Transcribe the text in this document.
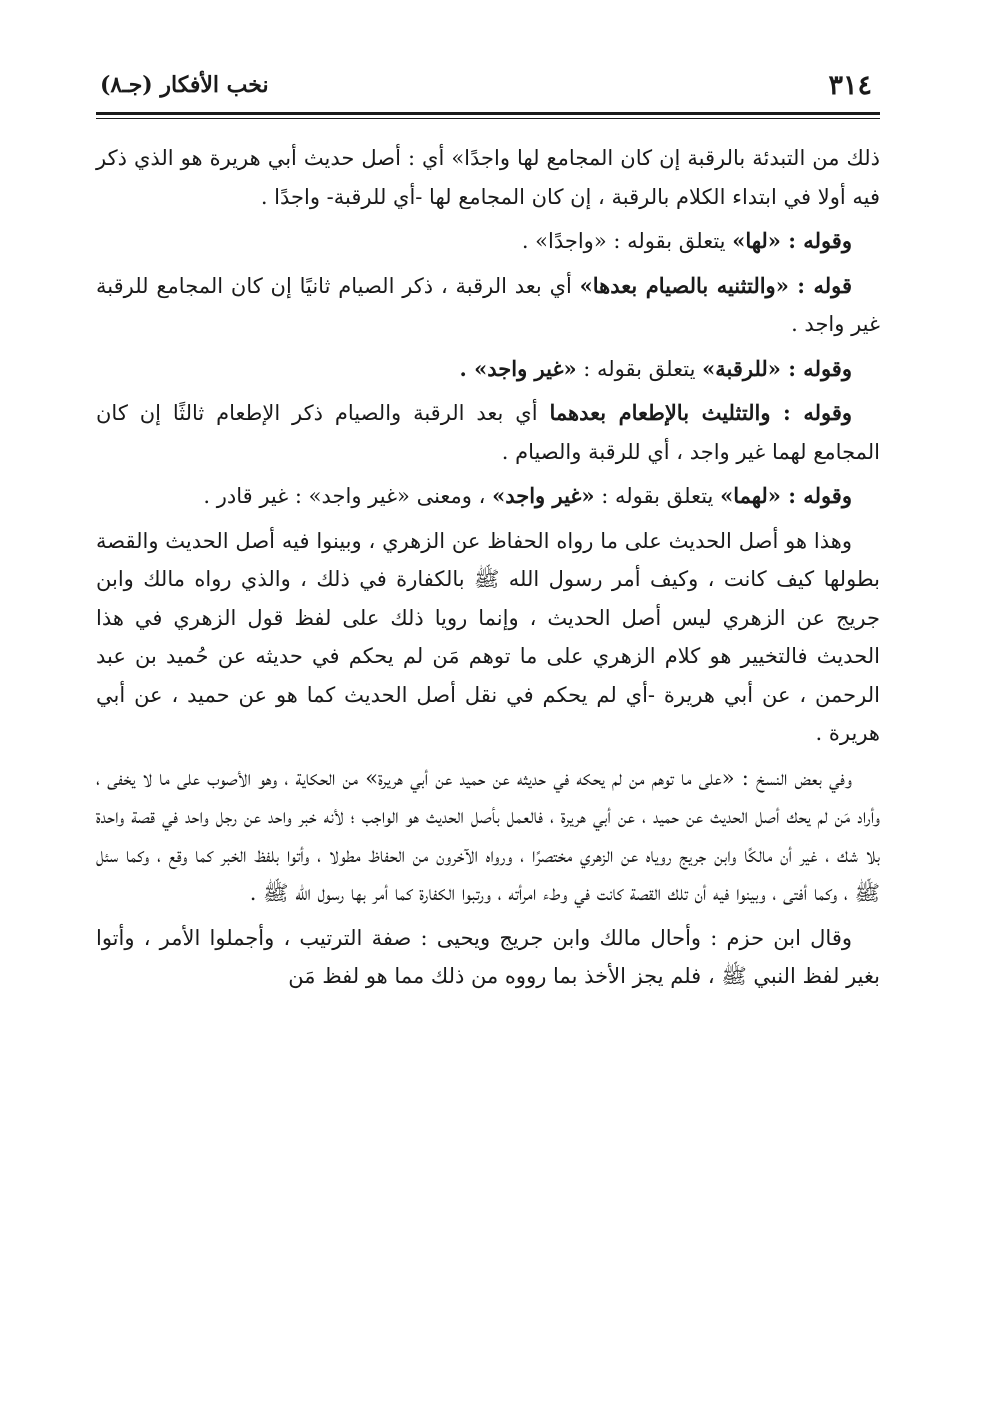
٣١٤
نخب الأفكار (جـ٨)

ذلك من التبدئة بالرقبة إن كان المجامع لها واجدًا» أي : أصل حديث أبي هريرة هو الذي ذكر فيه أولا في ابتداء الكلام بالرقبة ، إن كان المجامع لها -أي للرقبة- واجدًا .

وقوله : «لها» يتعلق بقوله : «واجدًا» .

قوله : «والتثنيه بالصيام بعدها» أي بعد الرقبة ، ذكر الصيام ثانيًا إن كان المجامع للرقبة غير واجد .

وقوله : «للرقبة» يتعلق بقوله : «غير واجد» .

وقوله : والتثليث بالإطعام بعدهما أي بعد الرقبة والصيام ذكر الإطعام ثالثًا إن كان المجامع لهما غير واجد ، أي للرقبة والصيام .

وقوله : «لهما» يتعلق بقوله : «غير واجد» ، ومعنى «غير واجد» : غير قادر .

وهذا هو أصل الحديث على ما رواه الحفاظ عن الزهري ، وبينوا فيه أصل الحديث والقصة بطولها كيف كانت ، وكيف أمر رسول الله ﷺ بالكفارة في ذلك ، والذي رواه مالك وابن جريج عن الزهري ليس أصل الحديث ، وإنما رويا ذلك على لفظ قول الزهري في هذا الحديث فالتخيير هو كلام الزهري على ما توهم مَن لم يحكم في حديثه عن حُميد بن عبد الرحمن ، عن أبي هريرة -أي لم يحكم في نقل أصل الحديث كما هو عن حميد ، عن أبي هريرة .

وفي بعض النسخ : «على ما توهم من لم يحكه في حديثه عن حميد عن أبي هريرة» من الحكاية ، وهو الأصوب على ما لا يخفى ، وأراد مَن لم يحك أصل الحديث عن حميد ، عن أبي هريرة ، فالعمل بأصل الحديث هو الواجب ؛ لأنه خبر واحد عن رجل واحد في قصة واحدة بلا شك ، غير أن مالكًا وابن جريج روياه عن الزهري مختصرًا ، ورواه الآخرون من الحفاظ مطولا ، وأتوا بلفظ الخبر كما وقع ، وكما سئل ﷺ ، وكما أفتى ، وبينوا فيه أن تلك القصة كانت في وطء امرأته ، ورتبوا الكفارة كما أمر بها رسول الله ﷺ .

وقال ابن حزم : وأحال مالك وابن جريج ويحيى : صفة الترتيب ، وأجملوا الأمر ، وأتوا بغير لفظ النبي ﷺ ، فلم يجز الأخذ بما رووه من ذلك مما هو لفظ مَن
